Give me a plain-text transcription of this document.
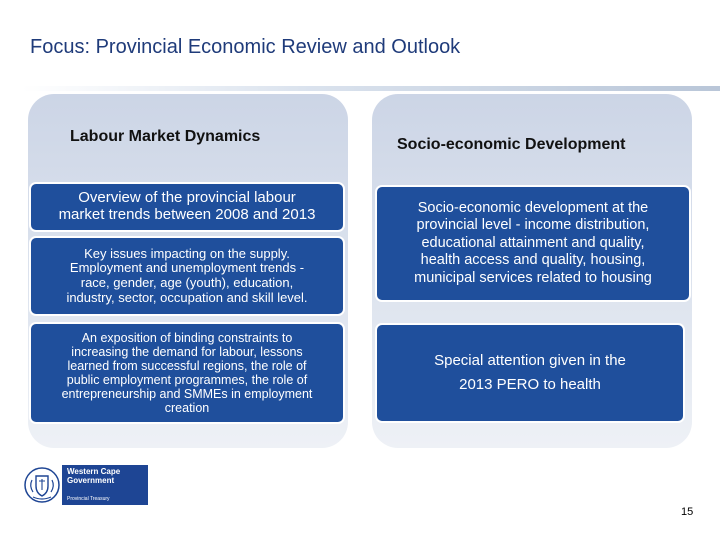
Focus: Provincial Economic Review and Outlook
Labour Market Dynamics	Socio-economic Development
Overview of the provincial labour
market trends between 2008 and 2013
Key issues impacting on the supply.
Employment and unemployment trends -
race, gender, age (youth), education,
industry, sector, occupation and skill level.
An exposition of binding constraints to
increasing the demand for labour, lessons
learned from successful regions, the role of
public employment programmes, the role of
entrepreneurship and SMMEs in employment
creation
Socio-economic development at the
provincial level - income distribution,
educational attainment and quality,
health access and quality, housing,
municipal services related to housing
Special attention given in the
2013 PERO to health
Western Cape
Government
Provincial Treasury
15
